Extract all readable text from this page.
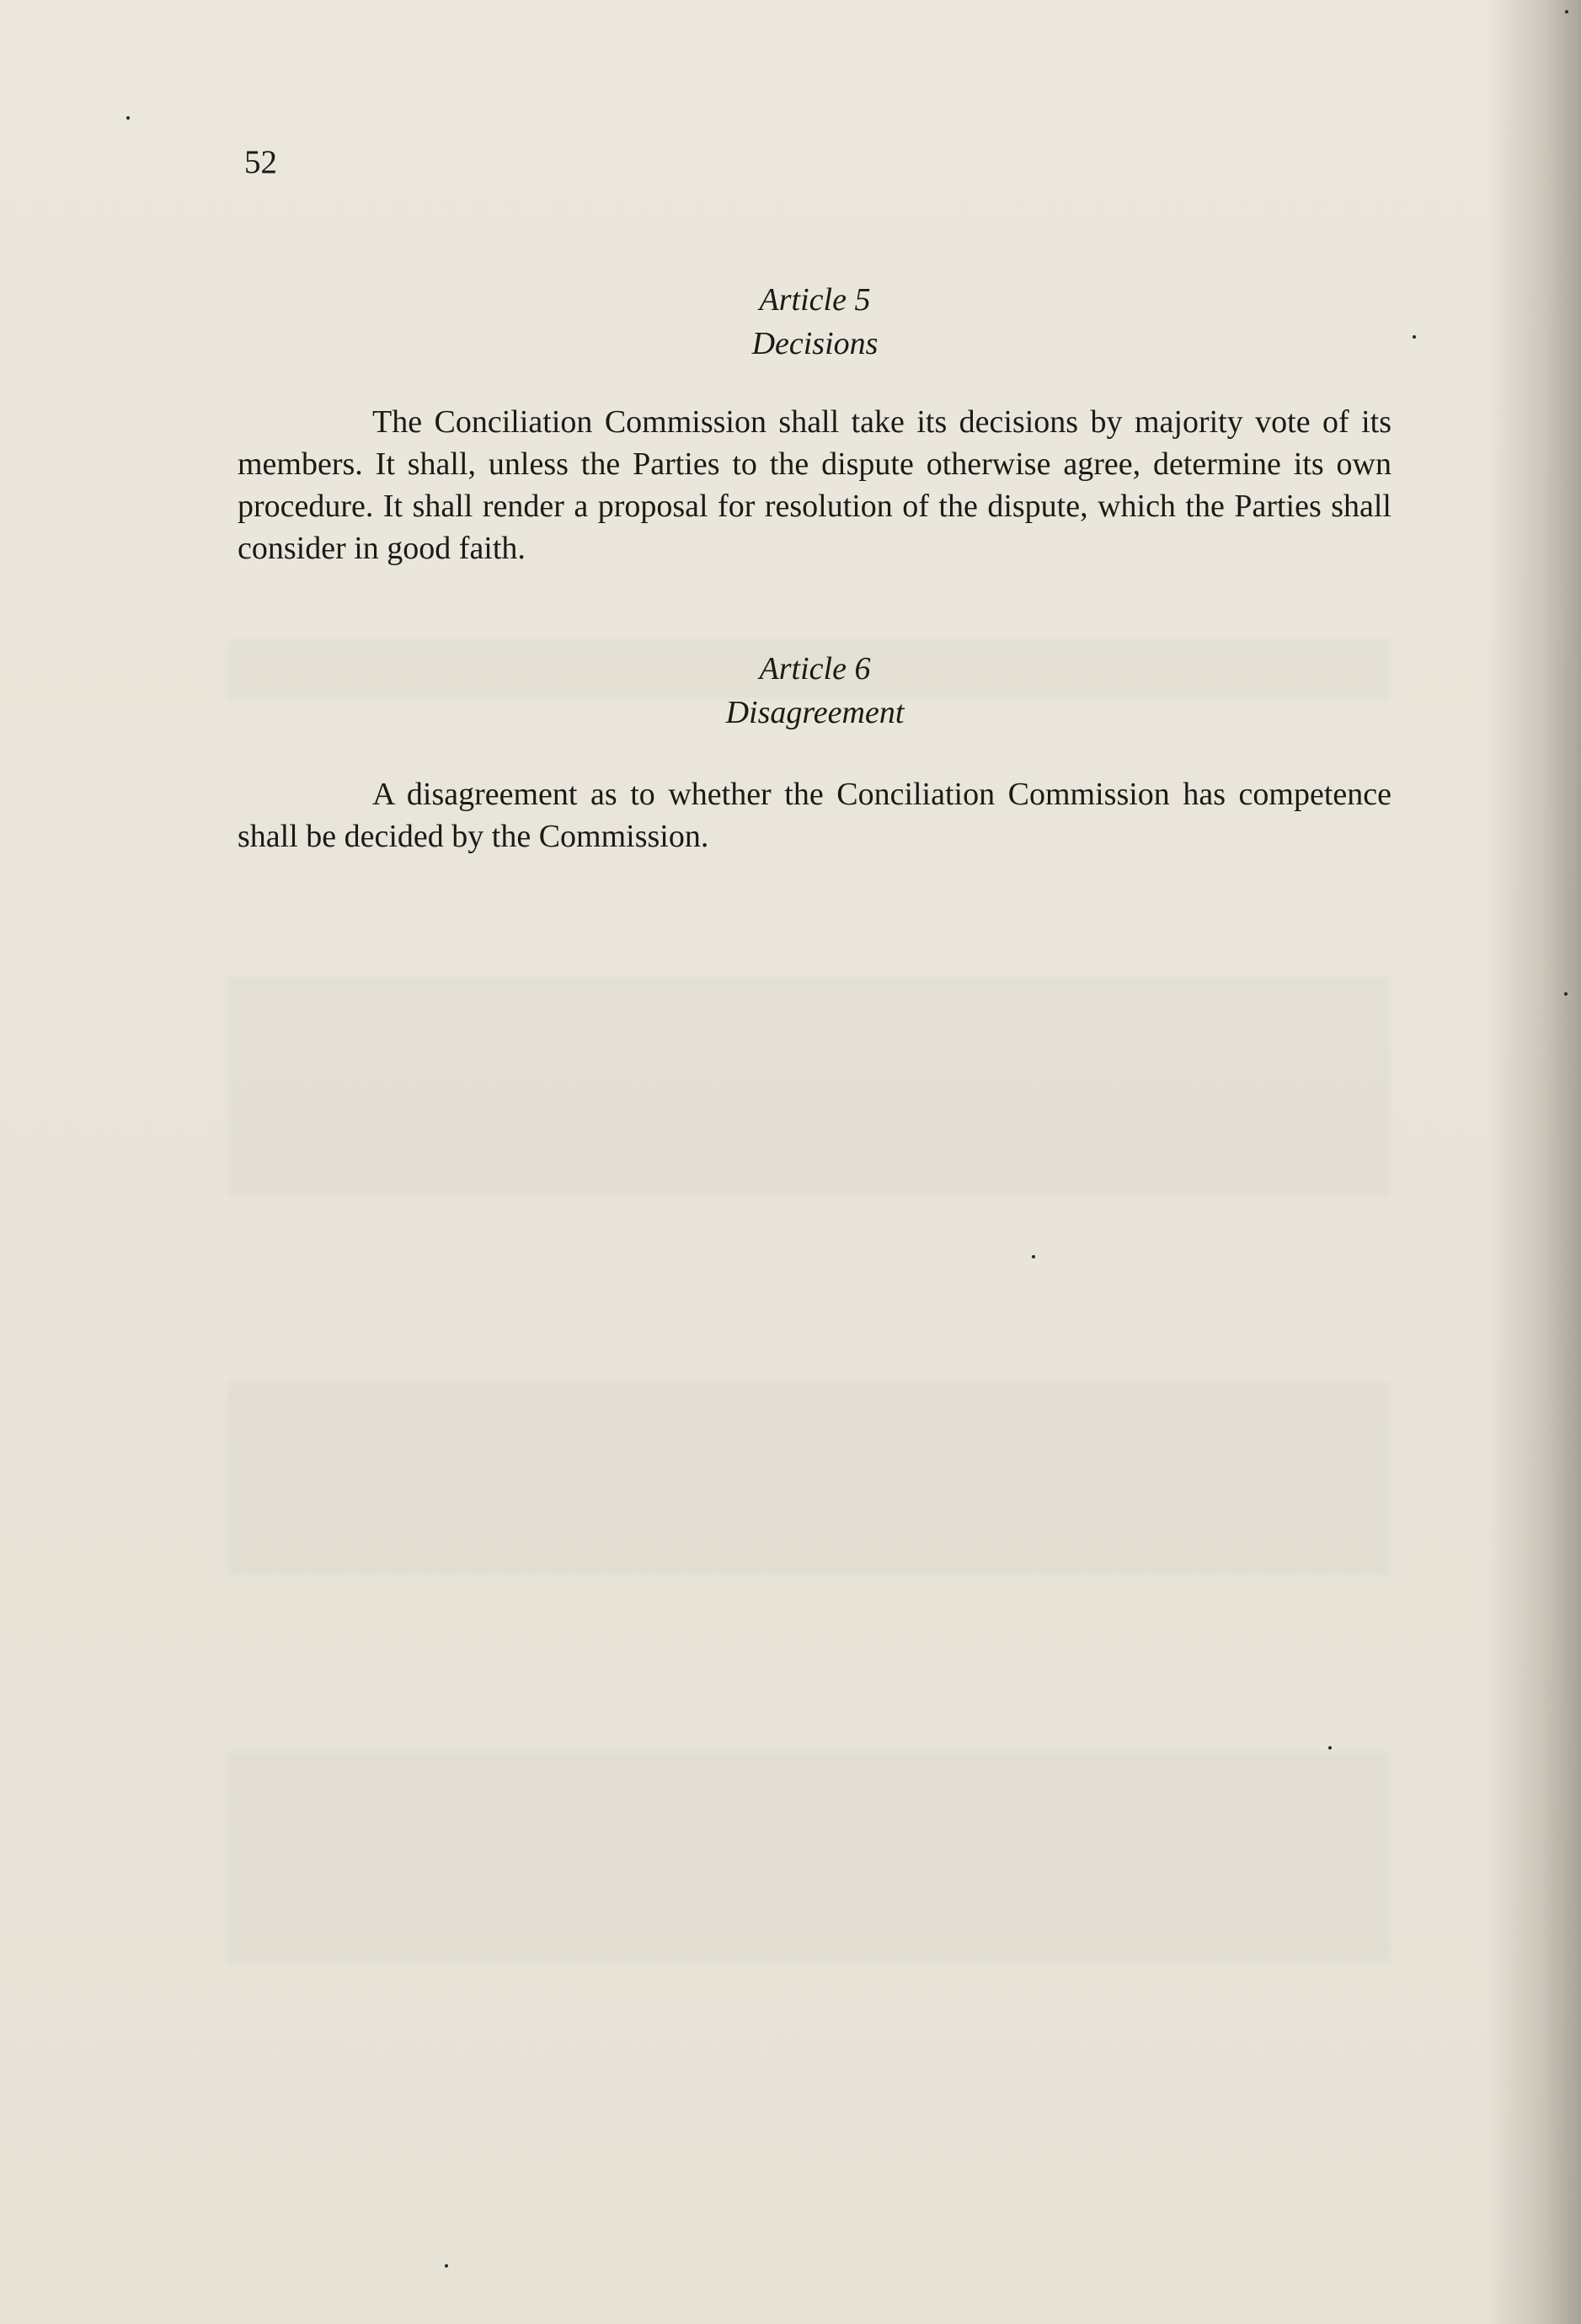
52
Article 5
Decisions
The Conciliation Commission shall take its decisions by majority vote of its members. It shall, unless the Parties to the dispute otherwise agree, determine its own procedure. It shall render a proposal for resolution of the dispute, which the Parties shall consider in good faith.
Article 6
Disagreement
A disagreement as to whether the Conciliation Commission has competence shall be decided by the Commission.
